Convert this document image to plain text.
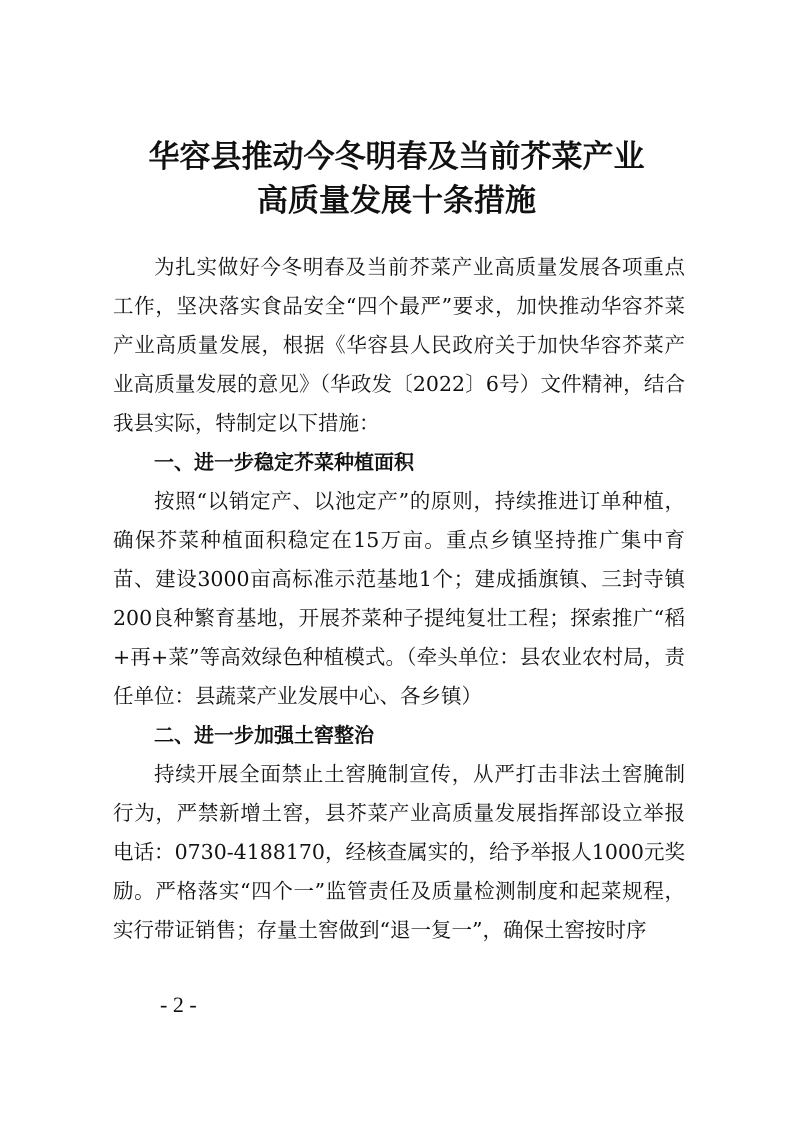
华容县推动今冬明春及当前芥菜产业
高质量发展十条措施

为扎实做好今冬明春及当前芥菜产业高质量发展各项重点工作，坚决落实食品安全“四个最严”要求，加快推动华容芥菜产业高质量发展，根据《华容县人民政府关于加快华容芥菜产业高质量发展的意见》（华政发〔2022〕6号）文件精神，结合我县实际，特制定以下措施：

一、进一步稳定芥菜种植面积

按照“以销定产、以池定产”的原则，持续推进订单种植，确保芥菜种植面积稳定在15万亩。重点乡镇坚持推广集中育苗、建设3000亩高标准示范基地1个；建成插旗镇、三封寺镇200良种繁育基地，开展芥菜种子提纯复壮工程；探索推广“稻+再+菜”等高效绿色种植模式。（牵头单位：县农业农村局，责任单位：县蔬菜产业发展中心、各乡镇）

二、进一步加强土窖整治

持续开展全面禁止土窖腌制宣传，从严打击非法土窖腌制行为，严禁新增土窖，县芥菜产业高质量发展指挥部设立举报电话：0730-4188170，经核查属实的，给予举报人1000元奖励。严格落实“四个一”监管责任及质量检测制度和起菜规程，实行带证销售；存量土窖做到“退一复一”，确保土窖按时序

- 2 -
